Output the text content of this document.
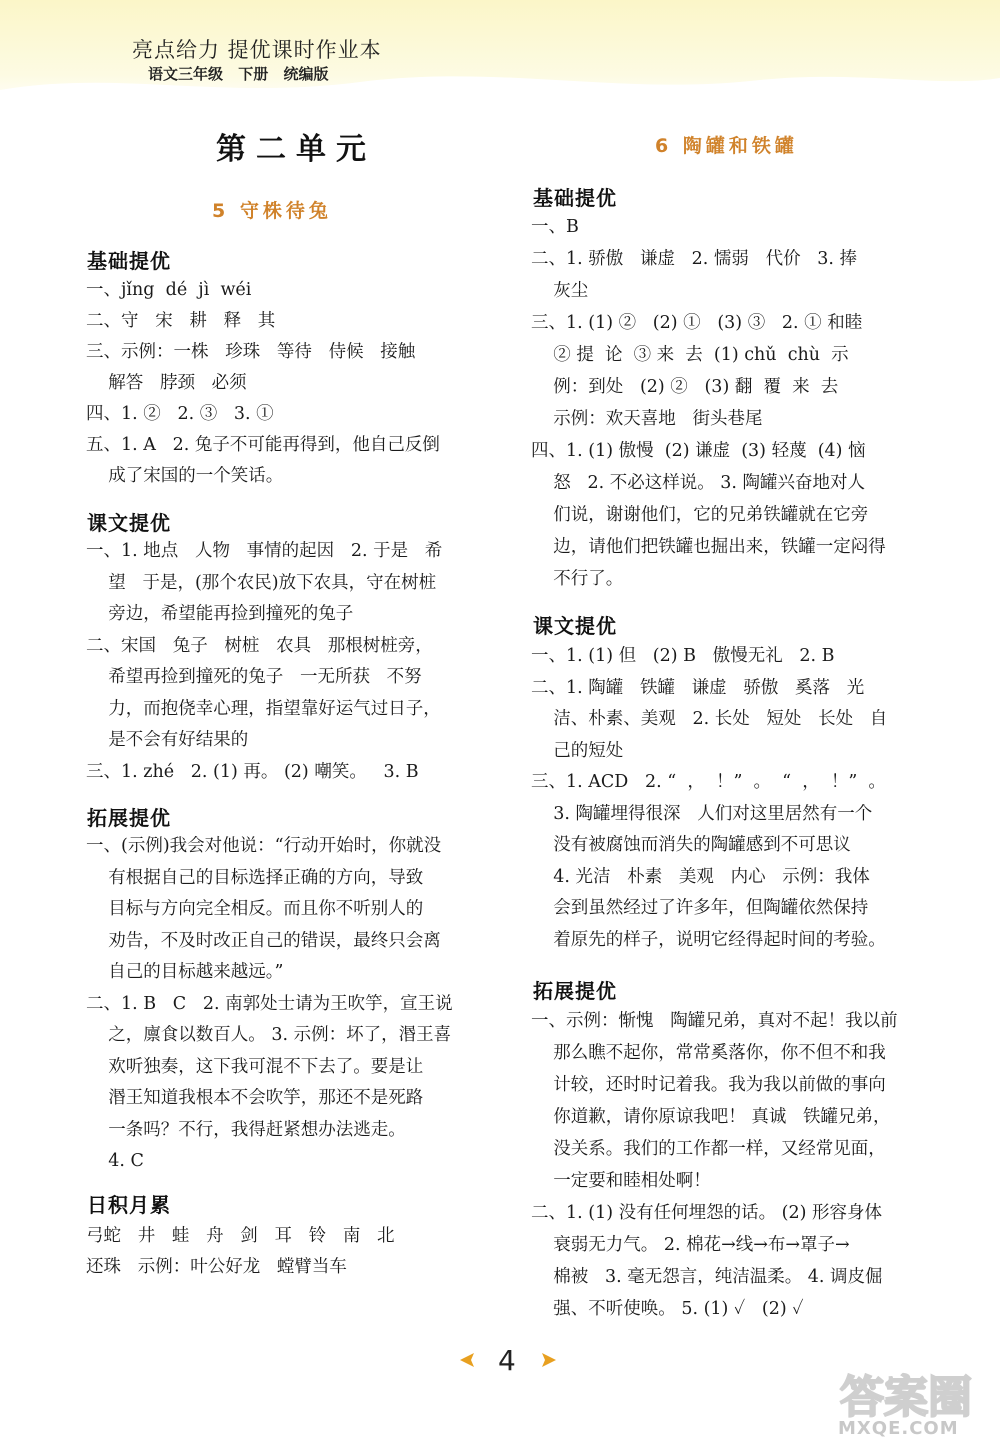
亮点给力 提优课时作业本
语文三年级 下册 统编版
第二单元
5 守株待兔
基础提优
一、jǐng  dé  jì  wéi
二、守   宋   耕   释   其
三、示例：一株   珍珠   等待   侍候   接触
解答   脖颈   必须
四、1. ②   2. ③   3. ①
五、1. A   2. 兔子不可能再得到，他自己反倒
成了宋国的一个笑话。
课文提优
一、1. 地点   人物   事情的起因   2. 于是   希
望   于是，(那个农民)放下农具，守在树桩
旁边，希望能再捡到撞死的兔子
二、宋国   兔子   树桩   农具   那根树桩旁，
希望再捡到撞死的兔子   一无所获   不努
力，而抱侥幸心理，指望靠好运气过日子，
是不会有好结果的
三、1. zhé   2. (1) 再。 (2) 嘲笑。   3. B
拓展提优
一、(示例)我会对他说：“行动开始时，你就没
有根据自己的目标选择正确的方向，导致
目标与方向完全相反。而且你不听别人的
劝告，不及时改正自己的错误，最终只会离
自己的目标越来越远。”
二、1. B   C   2. 南郭处士请为王吹竽，宣王说
之，廪食以数百人。 3. 示例：坏了，湣王喜
欢听独奏，这下我可混不下去了。要是让
湣王知道我根本不会吹竽，那还不是死路
一条吗？不行，我得赶紧想办法逃走。
4. C
日积月累
弓蛇   井   蛙   舟   剑   耳   铃   南   北
还珠   示例：叶公好龙   螳臂当车
6 陶罐和铁罐
基础提优
一、B
二、1. 骄傲   谦虚   2. 懦弱   代价   3. 捧
灰尘
三、1. (1) ②   (2) ①   (3) ③   2. ① 和睦
② 提  论  ③ 来  去  (1) chǔ  chù  示
例：到处   (2) ②   (3) 翻  覆  来  去
示例：欢天喜地   街头巷尾
四、1. (1) 傲慢  (2) 谦虚  (3) 轻蔑  (4) 恼
怒   2. 不必这样说。 3. 陶罐兴奋地对人
们说，谢谢他们，它的兄弟铁罐就在它旁
边，请他们把铁罐也掘出来，铁罐一定闷得
不行了。
课文提优
一、1. (1) 但   (2) B   傲慢无礼   2. B
二、1. 陶罐   铁罐   谦虚   骄傲   奚落   光
洁、朴素、美观   2. 长处   短处   长处   自
己的短处
三、1. ACD   2. “  ，  ！”  。  “  ，  ！”  。
3. 陶罐埋得很深   人们对这里居然有一个
没有被腐蚀而消失的陶罐感到不可思议
4. 光洁   朴素   美观   内心   示例：我体
会到虽然经过了许多年，但陶罐依然保持
着原先的样子，说明它经得起时间的考验。
拓展提优
一、示例：惭愧   陶罐兄弟，真对不起！我以前
那么瞧不起你，常常奚落你，你不但不和我
计较，还时时记着我。我为我以前做的事向
你道歉，请你原谅我吧！ 真诚   铁罐兄弟，
没关系。我们的工作都一样，又经常见面，
一定要和睦相处啊！
二、1. (1) 没有任何埋怨的话。 (2) 形容身体
衰弱无力气。 2. 棉花→线→布→罩子→
棉被   3. 毫无怨言，纯洁温柔。 4. 调皮倔
强、不听使唤。 5. (1) ✓   (2) ✓
4
答案圈
MXQE.COM
